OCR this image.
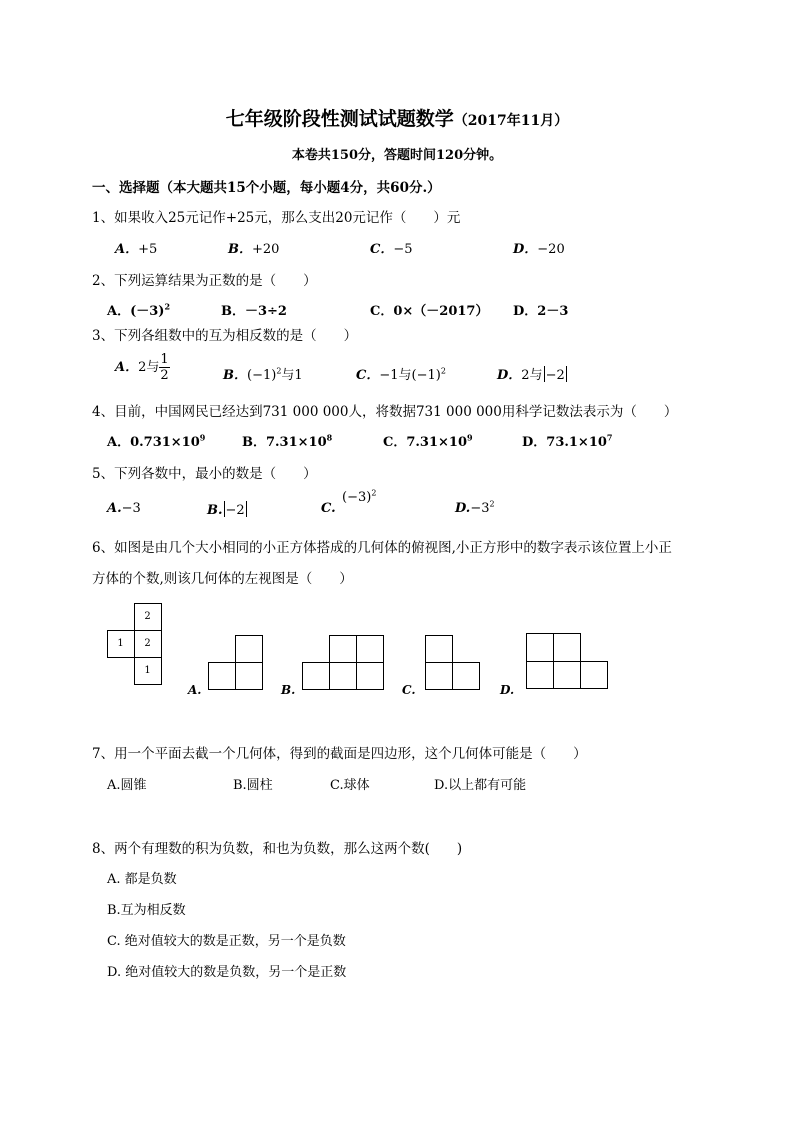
七年级阶段性测试试题数学（2017年11月）
本卷共150分，答题时间120分钟。
一、选择题（本大题共15个小题，每小题4分，共60分.）
1、如果收入25元记作+25元，那么支出20元记作（　　）元
A．+5	B．+20	C．−5	D．−20
2、下列运算结果为正数的是（　　）
A．$(-3)^2$	B．－3÷2	C．0×（－2017） D．2－3
3、下列各组数中的互为相反数的是（　　）
A．2与 $\frac{1}{2}$	B．$(-1)^2$与1	C．−1与$(-1)^2$	D．2与 −2
4、目前，中国网民已经达到731 000 000人，将数据731 000 000用科学记数法表示为（　　）
A．$0.731\times 10^9$	B．$7.31\times 10^8$	C．$7.31\times 10^9$	D．$73.1\times 10^7$
5、下列各数中，最小的数是（　　）
A.−3	B. −2	C.
$(-3)^2$
$D.-3^2$
6、如图是由几个大小相同的小正方体搭成的几何体的俯视图,小正方形中的数字表示该位置上小正
方体的个数,则该几何体的左视图是（　　）
2
1	2
1
A.	B.	C.	D.
7、用一个平面去截一个几何体，得到的截面是四边形，这个几何体可能是（　　）
A.圆锥	B.圆柱	C.球体	D.以上都有可能
8、两个有理数的积为负数，和也为负数，那么这两个数(　　)
A. 都是负数
B.互为相反数
C. 绝对值较大的数是正数，另一个是负数
D. 绝对值较大的数是负数，另一个是正数
